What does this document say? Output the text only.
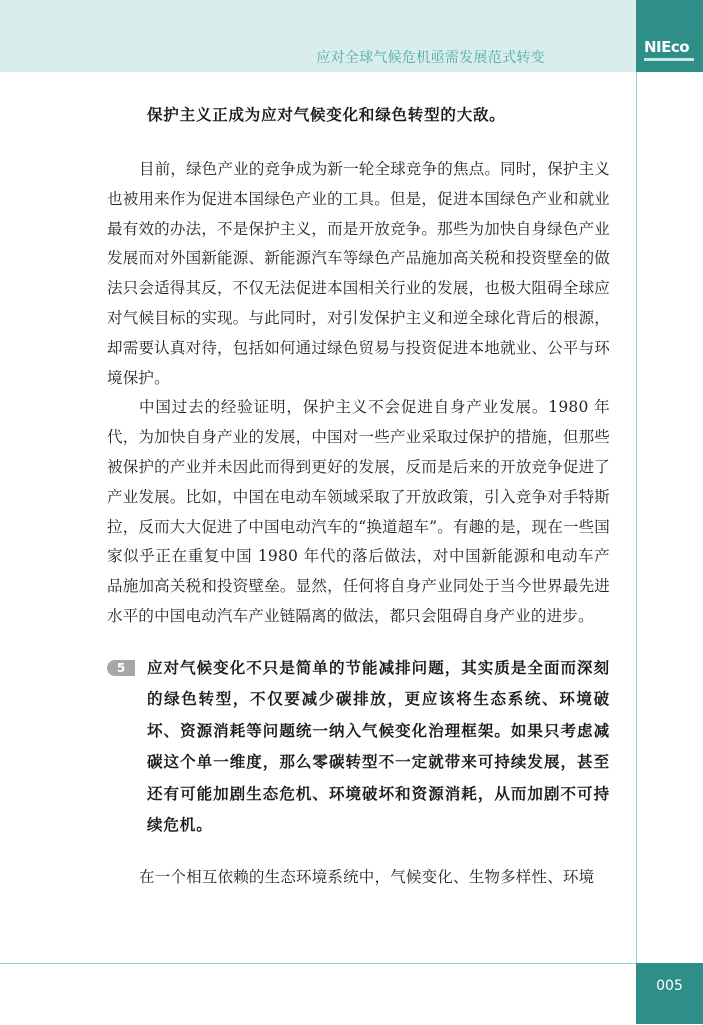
应对全球气候危机亟需发展范式转变
NIEco
保护主义正成为应对气候变化和绿色转型的大敌。

目前，绿色产业的竞争成为新一轮全球竞争的焦点。同时，保护主义也被用来作为促进本国绿色产业的工具。但是，促进本国绿色产业和就业最有效的办法，不是保护主义，而是开放竞争。那些为加快自身绿色产业发展而对外国新能源、新能源汽车等绿色产品施加高关税和投资壁垒的做法只会适得其反，不仅无法促进本国相关行业的发展，也极大阻碍全球应对气候目标的实现。与此同时，对引发保护主义和逆全球化背后的根源，却需要认真对待，包括如何通过绿色贸易与投资促进本地就业、公平与环境保护。

中国过去的经验证明，保护主义不会促进自身产业发展。1980 年代，为加快自身产业的发展，中国对一些产业采取过保护的措施，但那些被保护的产业并未因此而得到更好的发展，反而是后来的开放竞争促进了产业发展。比如，中国在电动车领域采取了开放政策，引入竞争对手特斯拉，反而大大促进了中国电动汽车的“换道超车”。有趣的是，现在一些国家似乎正在重复中国 1980 年代的落后做法，对中国新能源和电动车产品施加高关税和投资壁垒。显然，任何将自身产业同处于当今世界最先进水平的中国电动汽车产业链隔离的做法，都只会阻碍自身产业的进步。

5	应对气候变化不只是简单的节能减排问题，其实质是全面而深刻的绿色转型，不仅要减少碳排放，更应该将生态系统、环境破坏、资源消耗等问题统一纳入气候变化治理框架。如果只考虑减碳这个单一维度，那么零碳转型不一定就带来可持续发展，甚至还有可能加剧生态危机、环境破坏和资源消耗，从而加剧不可持续危机。

在一个相互依赖的生态环境系统中，气候变化、生物多样性、环境

005
